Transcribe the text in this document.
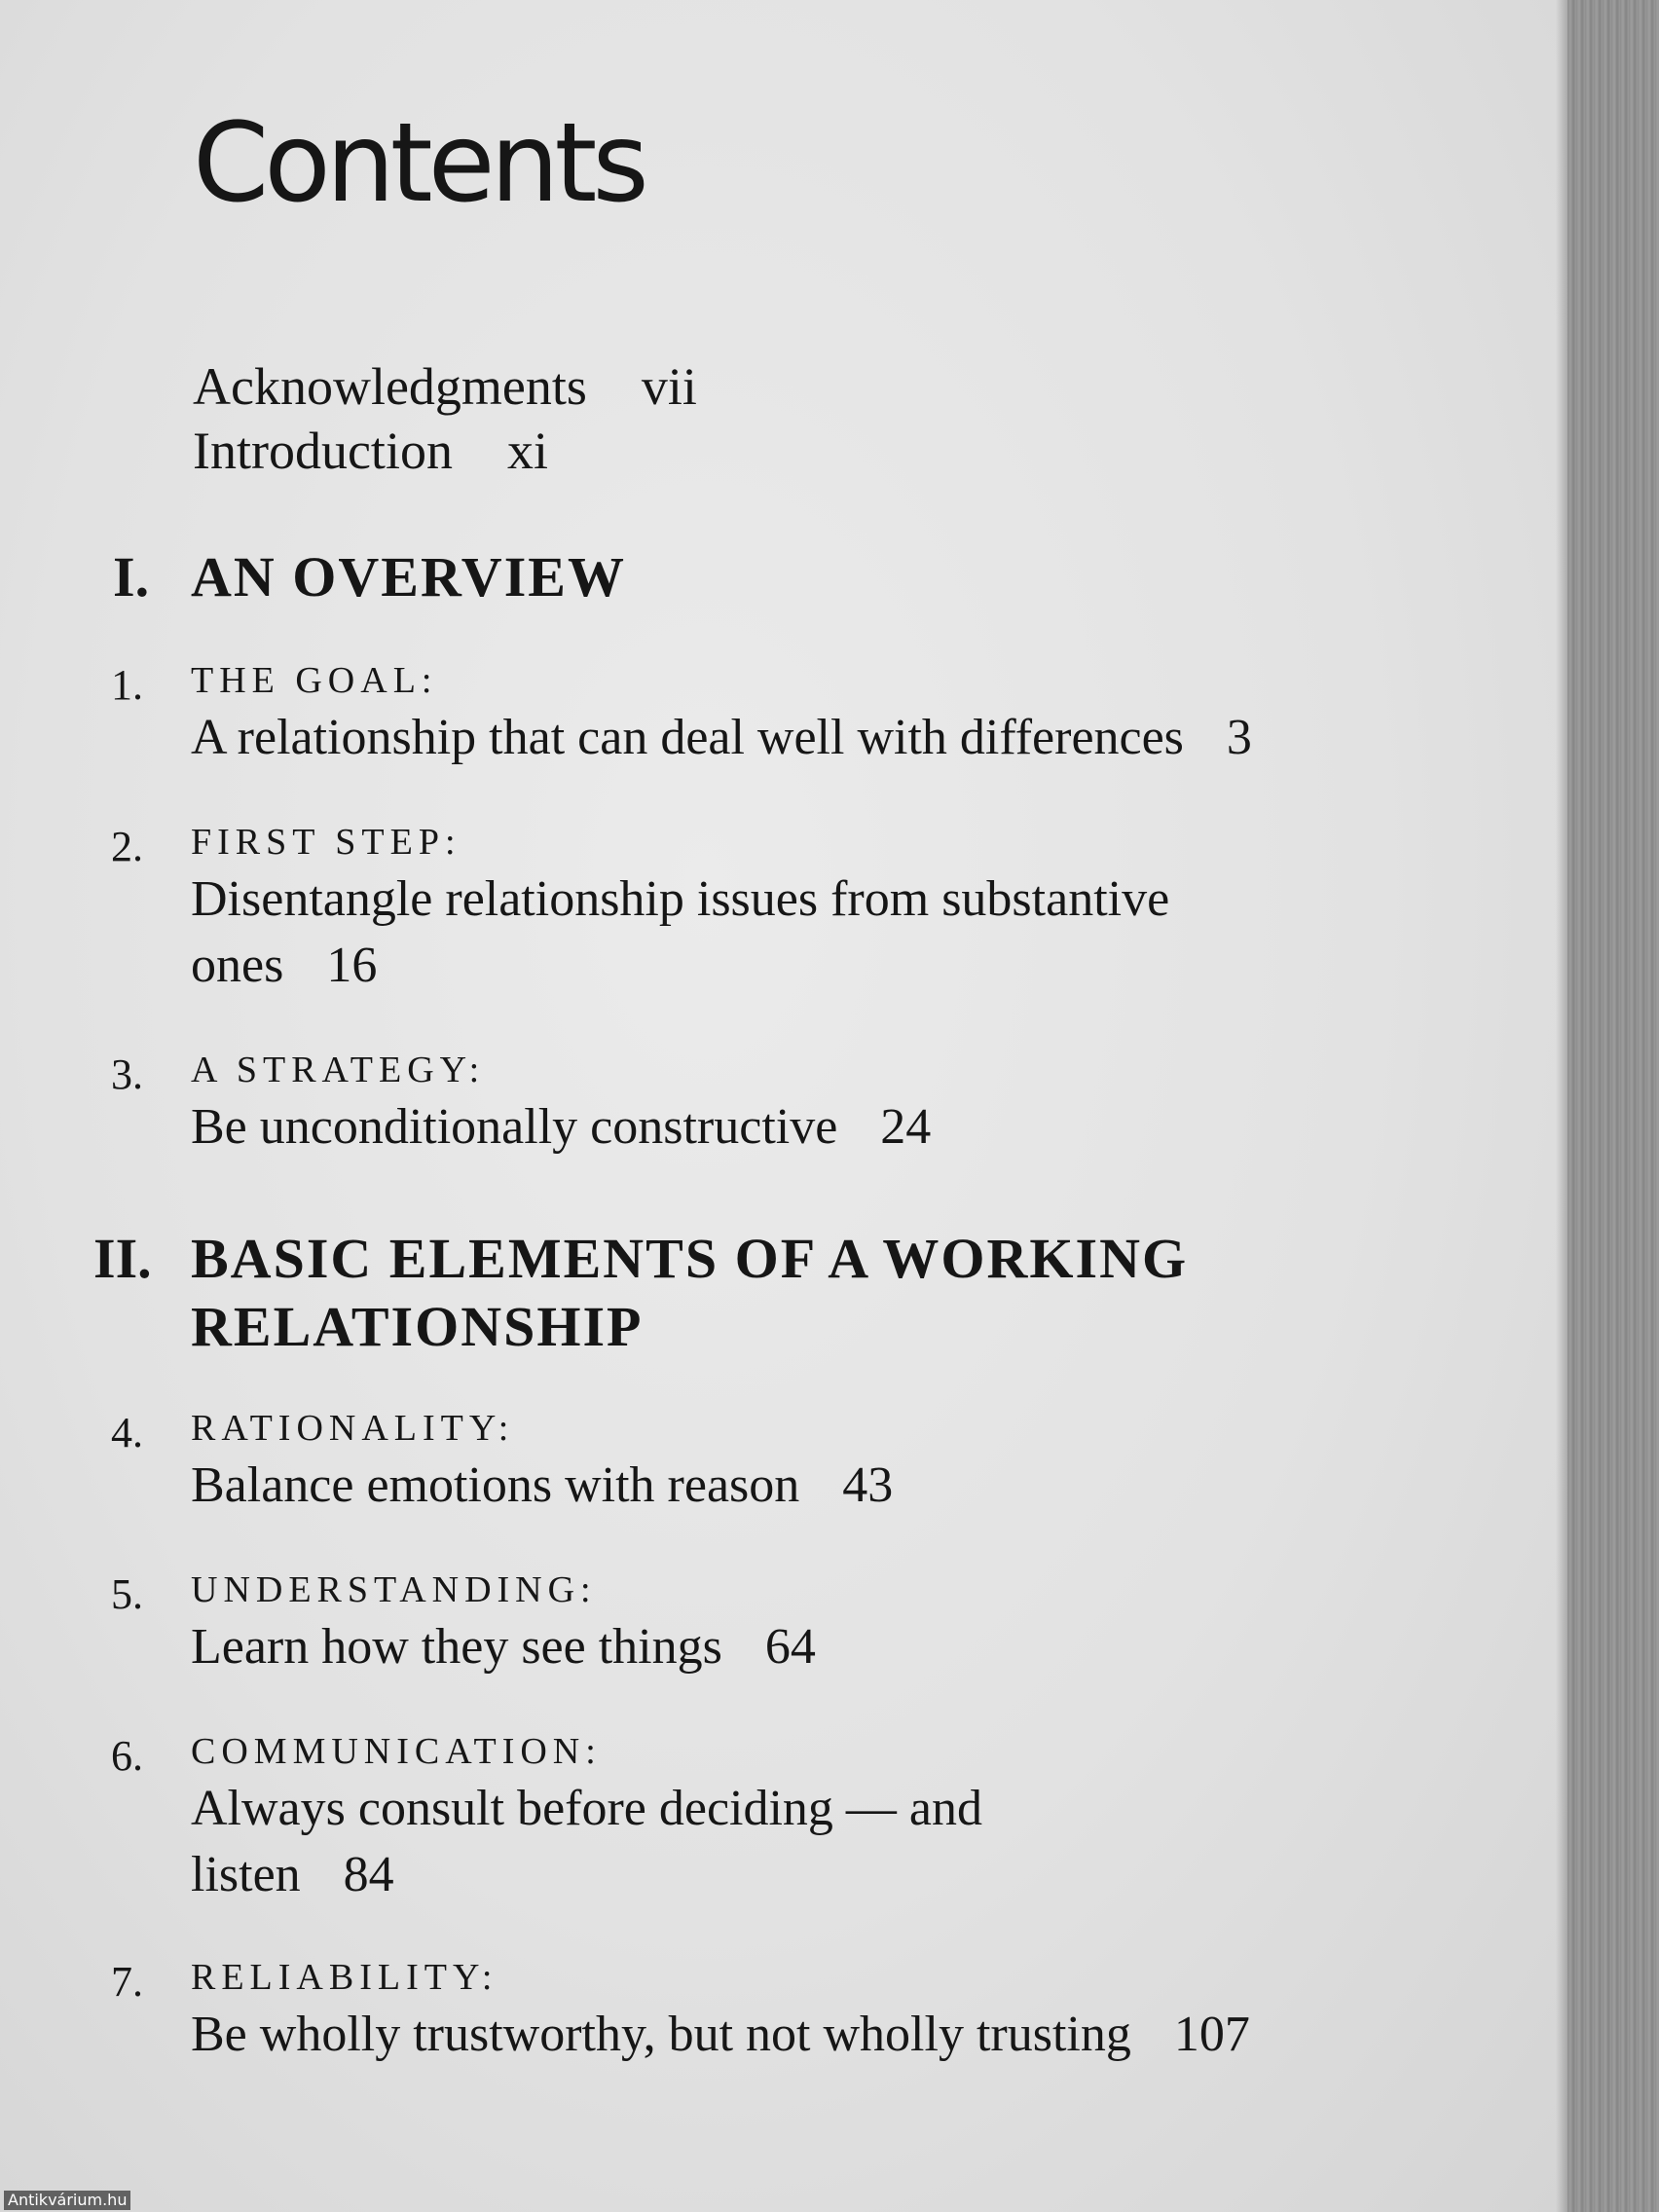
Contents
Acknowledgments vii
Introduction xi
I. AN OVERVIEW
1. THE GOAL:
A relationship that can deal well with differences 3
2. FIRST STEP:
Disentangle relationship issues from substantive ones 16
3. A STRATEGY:
Be unconditionally constructive 24
II. BASIC ELEMENTS OF A WORKING RELATIONSHIP
4. RATIONALITY:
Balance emotions with reason 43
5. UNDERSTANDING:
Learn how they see things 64
6. COMMUNICATION:
Always consult before deciding — and listen 84
7. RELIABILITY:
Be wholly trustworthy, but not wholly trusting 107
Antikvárium.hu
